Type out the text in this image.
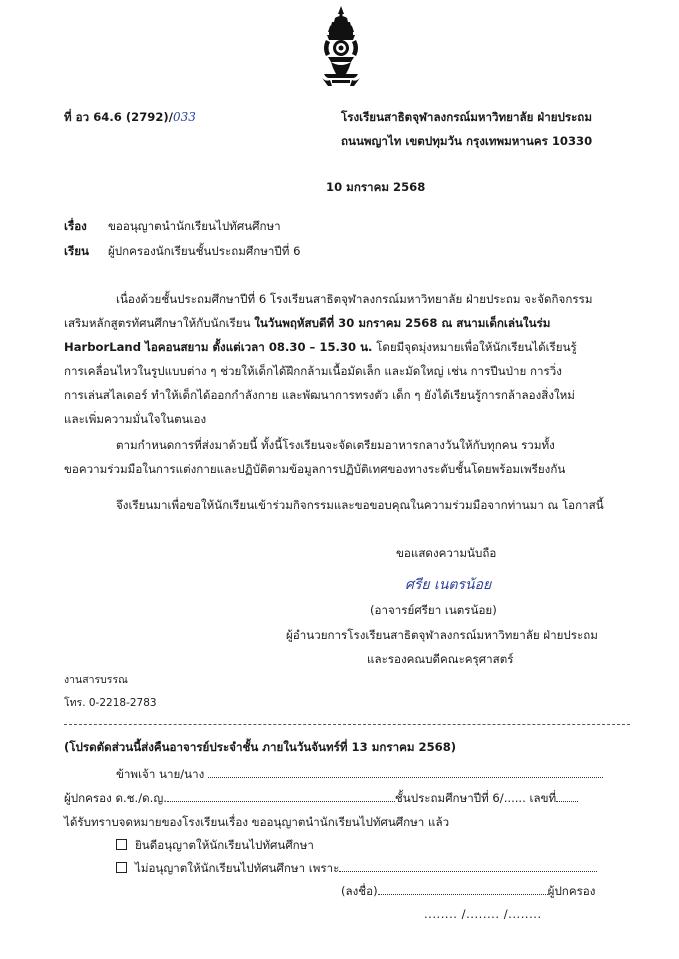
ที่ อว 64.6 (2792)/033	โรงเรียนสาธิตจุฬาลงกรณ์มหาวิทยาลัย ฝ่ายประถม
ถนนพญาไท เขตปทุมวัน กรุงเทพมหานคร 10330
10 มกราคม 2568
เรื่อง ขออนุญาตนำนักเรียนไปทัศนศึกษา
เรียน ผู้ปกครองนักเรียนชั้นประถมศึกษาปีที่ 6
เนื่องด้วยชั้นประถมศึกษาปีที่ 6 โรงเรียนสาธิตจุฬาลงกรณ์มหาวิทยาลัย ฝ่ายประถม จะจัดกิจกรรม
เสริมหลักสูตรทัศนศึกษาให้กับนักเรียน ในวันพฤหัสบดีที่ 30 มกราคม 2568 ณ สนามเด็กเล่นในร่ม
HarborLand ไอคอนสยาม ตั้งแต่เวลา 08.30 – 15.30 น. โดยมีจุดมุ่งหมายเพื่อให้นักเรียนได้เรียนรู้
การเคลื่อนไหวในรูปแบบต่าง ๆ ช่วยให้เด็กได้ฝึกกล้ามเนื้อมัดเล็ก และมัดใหญ่ เช่น การปีนป่าย การวิ่ง
การเล่นสไลเดอร์ ทำให้เด็กได้ออกกำลังกาย และพัฒนาการทรงตัว เด็ก ๆ ยังได้เรียนรู้การกล้าลองสิ่งใหม่
และเพิ่มความมั่นใจในตนเอง
ตามกำหนดการที่ส่งมาด้วยนี้ ทั้งนี้โรงเรียนจะจัดเตรียมอาหารกลางวันให้กับทุกคน รวมทั้ง
ขอความร่วมมือในการแต่งกายและปฏิบัติตามข้อมูลการปฏิบัติเทศของทางระดับชั้นโดยพร้อมเพรียงกัน
จึงเรียนมาเพื่อขอให้นักเรียนเข้าร่วมกิจกรรมและขอขอบคุณในความร่วมมือจากท่านมา ณ โอกาสนี้
ขอแสดงความนับถือ
ศรีย เนตรน้อย
(อาจารย์ศรียา เนตรน้อย)
ผู้อำนวยการโรงเรียนสาธิตจุฬาลงกรณ์มหาวิทยาลัย ฝ่ายประถม
และรองคณบดีคณะครุศาสตร์
งานสารบรรณ
โทร. 0-2218-2783
(โปรดตัดส่วนนี้ส่งคืนอาจารย์ประจำชั้น ภายในวันจันทร์ที่ 13 มกราคม 2568)
ข้าพเจ้า นาย/นาง
ผู้ปกครอง ด.ช./ด.ญ.	ชั้นประถมศึกษาปีที่ 6/...... เลขที่
ได้รับทราบจดหมายของโรงเรียนเรื่อง ขออนุญาตนำนักเรียนไปทัศนศึกษา แล้ว
ยินดีอนุญาตให้นักเรียนไปทัศนศึกษา
ไม่อนุญาตให้นักเรียนไปทัศนศึกษา เพราะ
(ลงชื่อ)	ผู้ปกครอง
........ /........ /........
